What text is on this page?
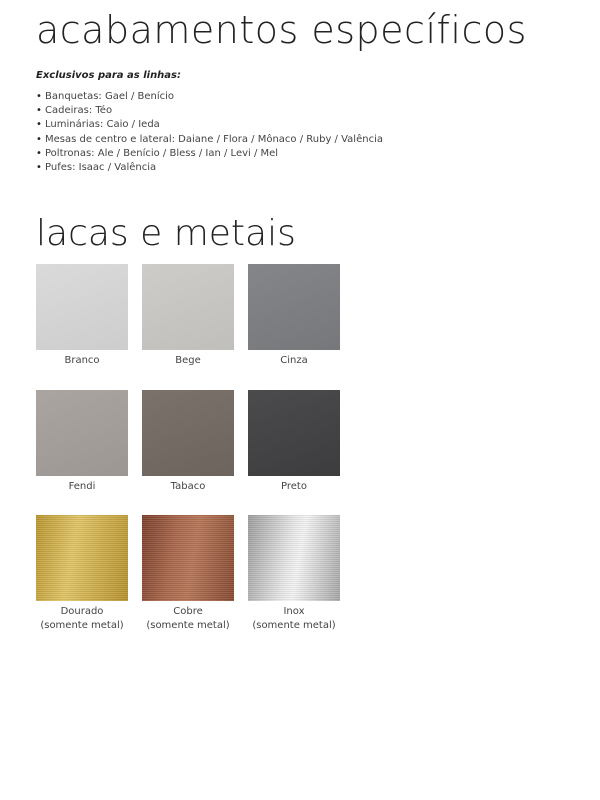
acabamentos específicos
Exclusivos para as linhas:
• Banquetas: Gael / Benício
• Cadeiras: Téo
• Luminárias: Caio / Ieda
• Mesas de centro e lateral: Daiane / Flora / Mônaco / Ruby / Valência
• Poltronas: Ale / Benício / Bless / Ian / Levi / Mel
• Pufes: Isaac / Valência
lacas e metais
Branco	Bege	Cinza
Fendi	Tabaco	Preto
Dourado
(somente metal)
Cobre
(somente metal)
Inox
(somente metal)
